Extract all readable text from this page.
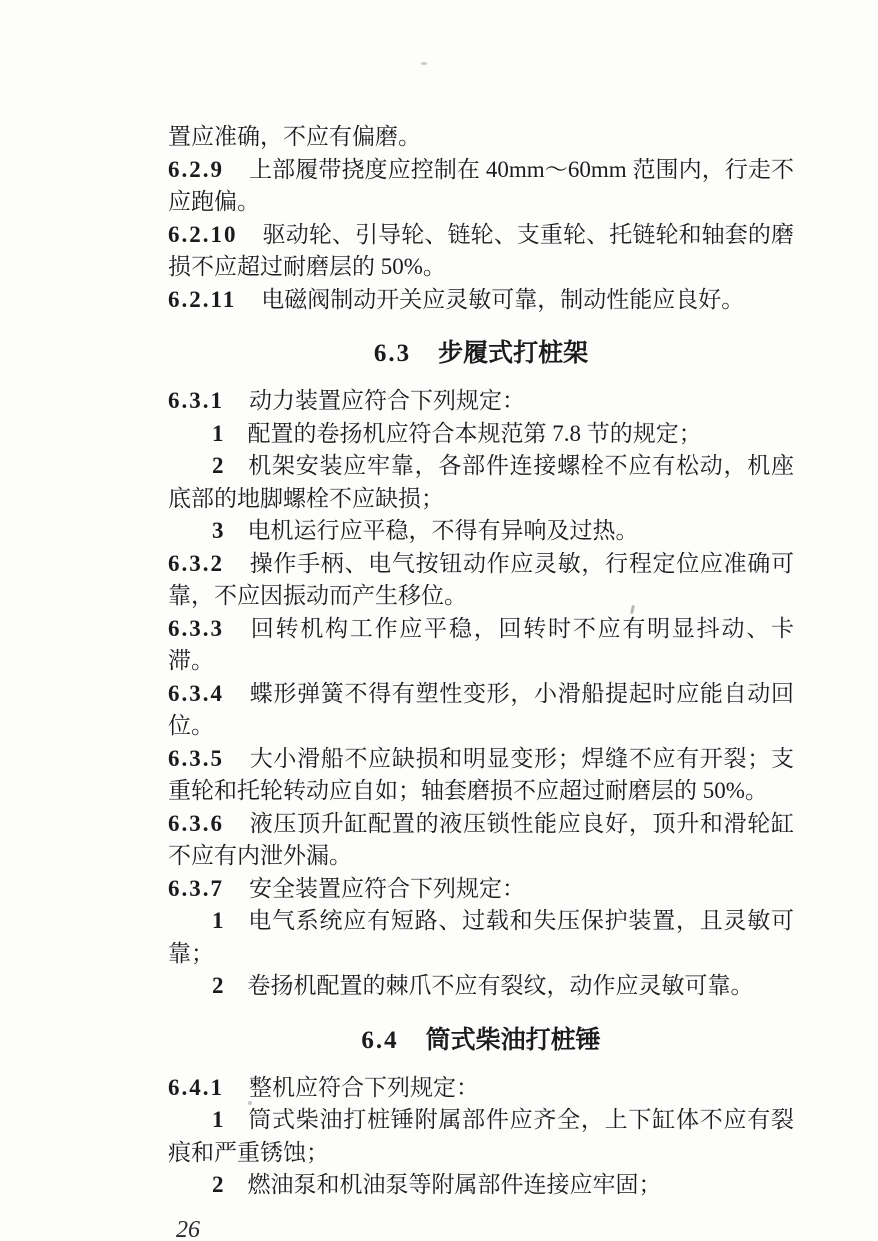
置应准确，不应有偏磨。

6.2.9 上部履带挠度应控制在 40mm～60mm 范围内，行走不应跑偏。

6.2.10 驱动轮、引导轮、链轮、支重轮、托链轮和轴套的磨损不应超过耐磨层的 50%。

6.2.11 电磁阀制动开关应灵敏可靠，制动性能应良好。

6.3 步履式打桩架

6.3.1 动力装置应符合下列规定：

1 配置的卷扬机应符合本规范第 7.8 节的规定；

2 机架安装应牢靠，各部件连接螺栓不应有松动，机座底部的地脚螺栓不应缺损；

3 电机运行应平稳，不得有异响及过热。

6.3.2 操作手柄、电气按钮动作应灵敏，行程定位应准确可靠，不应因振动而产生移位。

6.3.3 回转机构工作应平稳，回转时不应有明显抖动、卡滞。

6.3.4 蝶形弹簧不得有塑性变形，小滑船提起时应能自动回位。

6.3.5 大小滑船不应缺损和明显变形；焊缝不应有开裂；支重轮和托轮转动应自如；轴套磨损不应超过耐磨层的 50%。

6.3.6 液压顶升缸配置的液压锁性能应良好，顶升和滑轮缸不应有内泄外漏。

6.3.7 安全装置应符合下列规定：

1 电气系统应有短路、过载和失压保护装置，且灵敏可靠；

2 卷扬机配置的棘爪不应有裂纹，动作应灵敏可靠。

6.4 筒式柴油打桩锤

6.4.1 整机应符合下列规定：

1 筒式柴油打桩锤附属部件应齐全，上下缸体不应有裂痕和严重锈蚀；

2 燃油泵和机油泵等附属部件连接应牢固；

26
